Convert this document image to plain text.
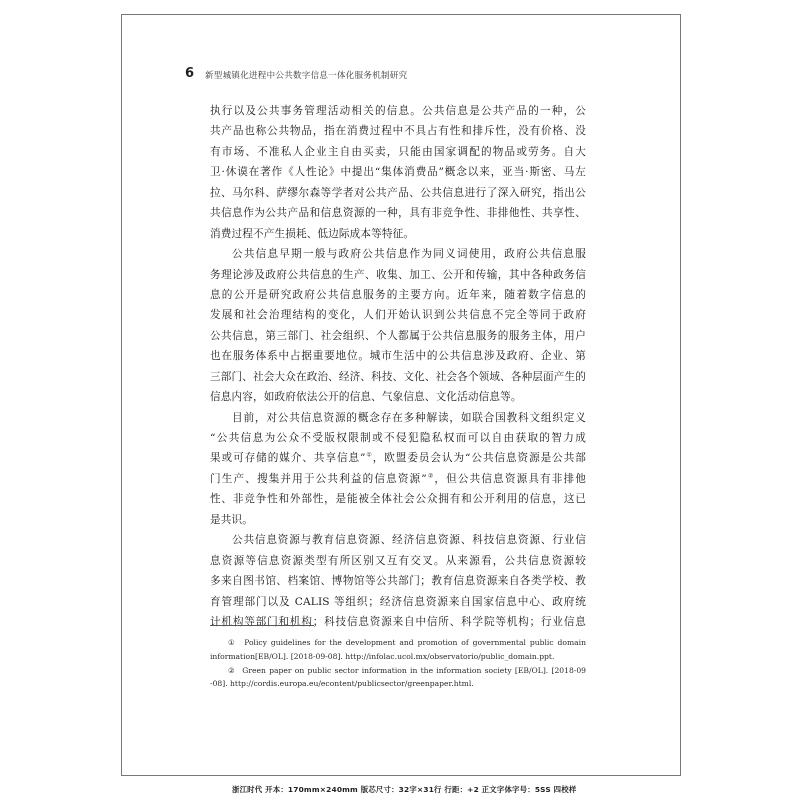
6 新型城镇化进程中公共数字信息一体化服务机制研究
执行以及公共事务管理活动相关的信息。公共信息是公共产品的一种，公
共产品也称公共物品，指在消费过程中不具占有性和排斥性，没有价格、没
有市场、不准私人企业主自由买卖，只能由国家调配的物品或劳务。自大
卫·休谟在著作《人性论》中提出“集体消费品”概念以来，亚当·斯密、马左
拉、马尔科、萨缪尔森等学者对公共产品、公共信息进行了深入研究，指出公
共信息作为公共产品和信息资源的一种，具有非竞争性、非排他性、共享性、
消费过程不产生损耗、低边际成本等特征。
公共信息早期一般与政府公共信息作为同义词使用，政府公共信息服
务理论涉及政府公共信息的生产、收集、加工、公开和传输，其中各种政务信
息的公开是研究政府公共信息服务的主要方向。近年来，随着数字信息的
发展和社会治理结构的变化，人们开始认识到公共信息不完全等同于政府
公共信息，第三部门、社会组织、个人都属于公共信息服务的服务主体，用户
也在服务体系中占据重要地位。城市生活中的公共信息涉及政府、企业、第
三部门、社会大众在政治、经济、科技、文化、社会各个领域、各种层面产生的
信息内容，如政府依法公开的信息、气象信息、文化活动信息等。
目前，对公共信息资源的概念存在多种解读，如联合国教科文组织定义
“公共信息为公众不受版权限制或不侵犯隐私权而可以自由获取的智力成
果或可存储的媒介、共享信息”①，欧盟委员会认为“公共信息资源是公共部
门生产、搜集并用于公共利益的信息资源”②，但公共信息资源具有非排他
性、非竞争性和外部性，是能被全体社会公众拥有和公开利用的信息，这已
是共识。
公共信息资源与教育信息资源、经济信息资源、科技信息资源、行业信
息资源等信息资源类型有所区别又互有交叉。从来源看，公共信息资源较
多来自图书馆、档案馆、博物馆等公共部门；教育信息资源来自各类学校、教
育管理部门以及 CALIS 等组织；经济信息资源来自国家信息中心、政府统
计机构等部门和机构；科技信息资源来自中信所、科学院等机构；行业信息
① Policy guidelines for the development and promotion of governmental public domain
information[EB/OL]. [2018-09-08]. http://infolac.ucol.mx/observatorio/public_domain.ppt.
② Green paper on public sector information in the information society [EB/OL]. [2018-09
-08]. http://cordis.europa.eu/econtent/publicsector/greenpaper.html.
浙江时代 开本：170mm×240mm 版芯尺寸：32字×31行 行距：+2 正文字体字号：5SS 四校样
